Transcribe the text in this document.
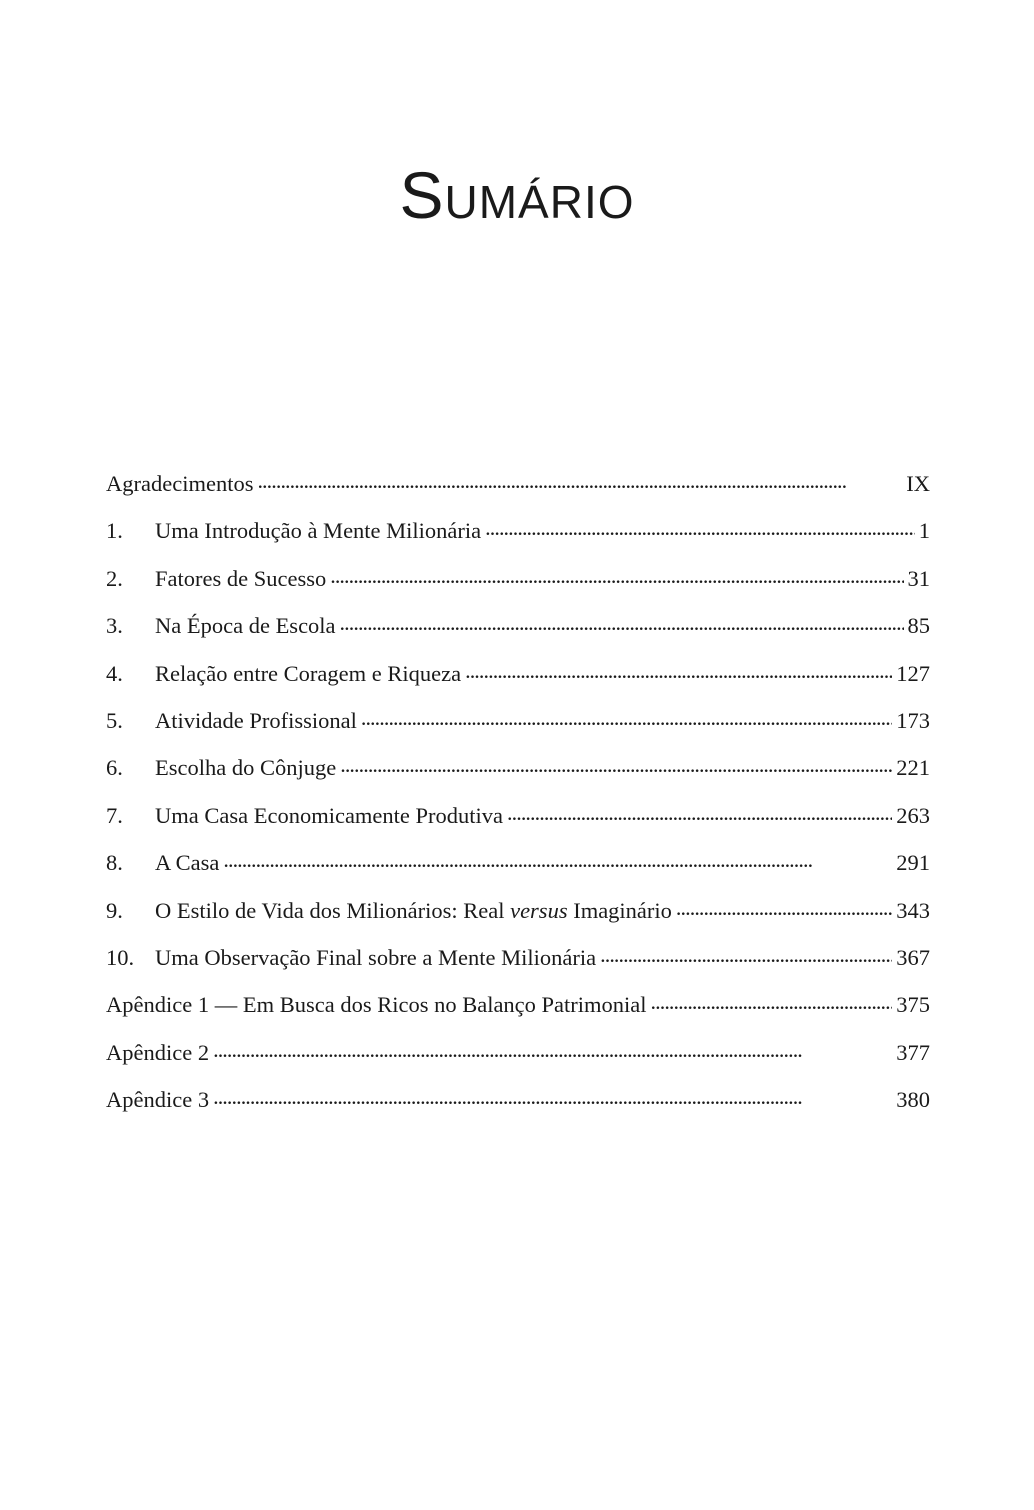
Sumário
Agradecimentos . . .	IX
1.	Uma Introdução à Mente Milionária . . .	1
2.	Fatores de Sucesso . . .	31
3.	Na Época de Escola . . .	85
4.	Relação entre Coragem e Riqueza . . .	127
5.	Atividade Profissional . . .	173
6.	Escolha do Cônjuge . . .	221
7.	Uma Casa Economicamente Produtiva . . .	263
8.	A Casa . . .	291
9.	O Estilo de Vida dos Milionários: Real versus Imaginário . . .	343
10. Uma Observação Final sobre a Mente Milionária . . .	367
Apêndice 1 — Em Busca dos Ricos no Balanço Patrimonial . . .	375
Apêndice 2 . . .	377
Apêndice 3 . . .	380
